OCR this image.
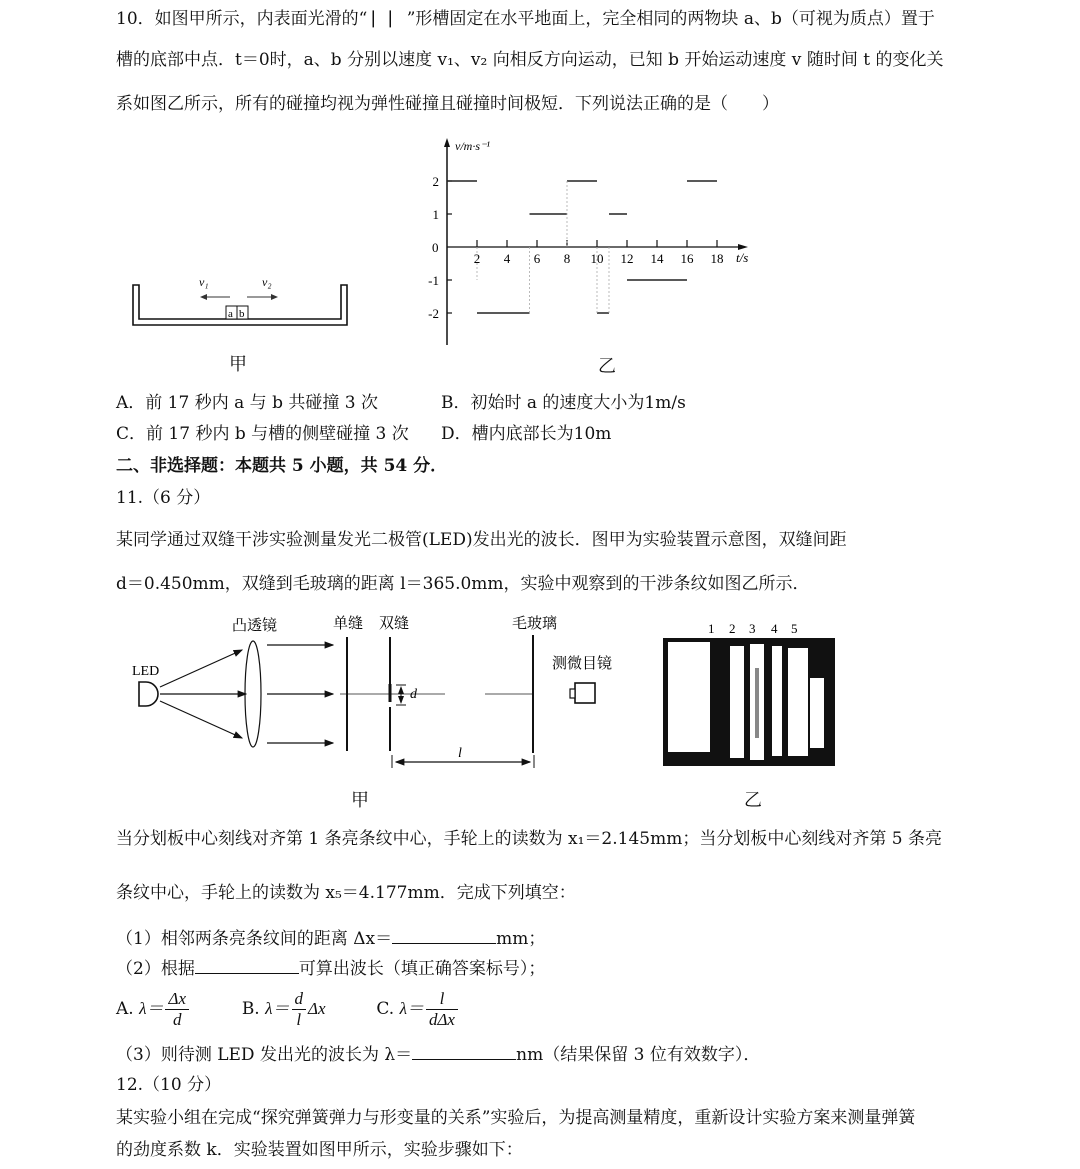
10．如图甲所示，内表面光滑的“ ⎸⎸”形槽固定在水平地面上，完全相同的两物块 a、b（可视为质点）置于
槽的底部中点．t＝0时，a、b 分别以速度 v₁、v₂ 向相反方向运动，已知 b 开始运动速度 v 随时间 t 的变化关
系如图乙所示，所有的碰撞均视为弹性碰撞且碰撞时间极短．下列说法正确的是（　　）
a b
v₁	v₂
甲
v/m·s⁻¹
t/s
0
2 4 6 8 10 12 14 16 18
-2
-1
1
2
乙
A．前 17 秒内 a 与 b 共碰撞 3 次	B．初始时 a 的速度大小为1m/s
C．前 17 秒内 b 与槽的侧壁碰撞 3 次 D．槽内底部长为10m
二、非选择题：本题共 5 小题，共 54 分．
11.（6 分）
某同学通过双缝干涉实验测量发光二极管(LED)发出光的波长．图甲为实验装置示意图，双缝间距
d＝0.450mm，双缝到毛玻璃的距离 l＝365.0mm，实验中观察到的干涉条纹如图乙所示．
LED
凸透镜	单缝 双缝
d
毛玻璃
l
测微目镜
甲
1 2 3 4 5
乙
当分划板中心刻线对齐第 1 条亮条纹中心，手轮上的读数为 x₁＝2.145mm；当分划板中心刻线对齐第 5 条亮
条纹中心，手轮上的读数为 x₅＝4.177mm．完成下列填空：
（1）相邻两条亮条纹间的距离 Δx＝	mm；
（2）根据	可算出波长（填正确答案标号）；
A. $\lambda= \frac{\Delta x}{d}$	B. $\lambda= \frac{d}{l}$ Δx	C. $\lambda= \frac{l}{\text{dΔx}}$
（3）则待测 LED 发出光的波长为 λ＝	nm（结果保留 3 位有效数字）．
12.（10 分）
某实验小组在完成“探究弹簧弹力与形变量的关系”实验后，为提高测量精度，重新设计实验方案来测量弹簧
的劲度系数 k．实验装置如图甲所示，实验步骤如下：
